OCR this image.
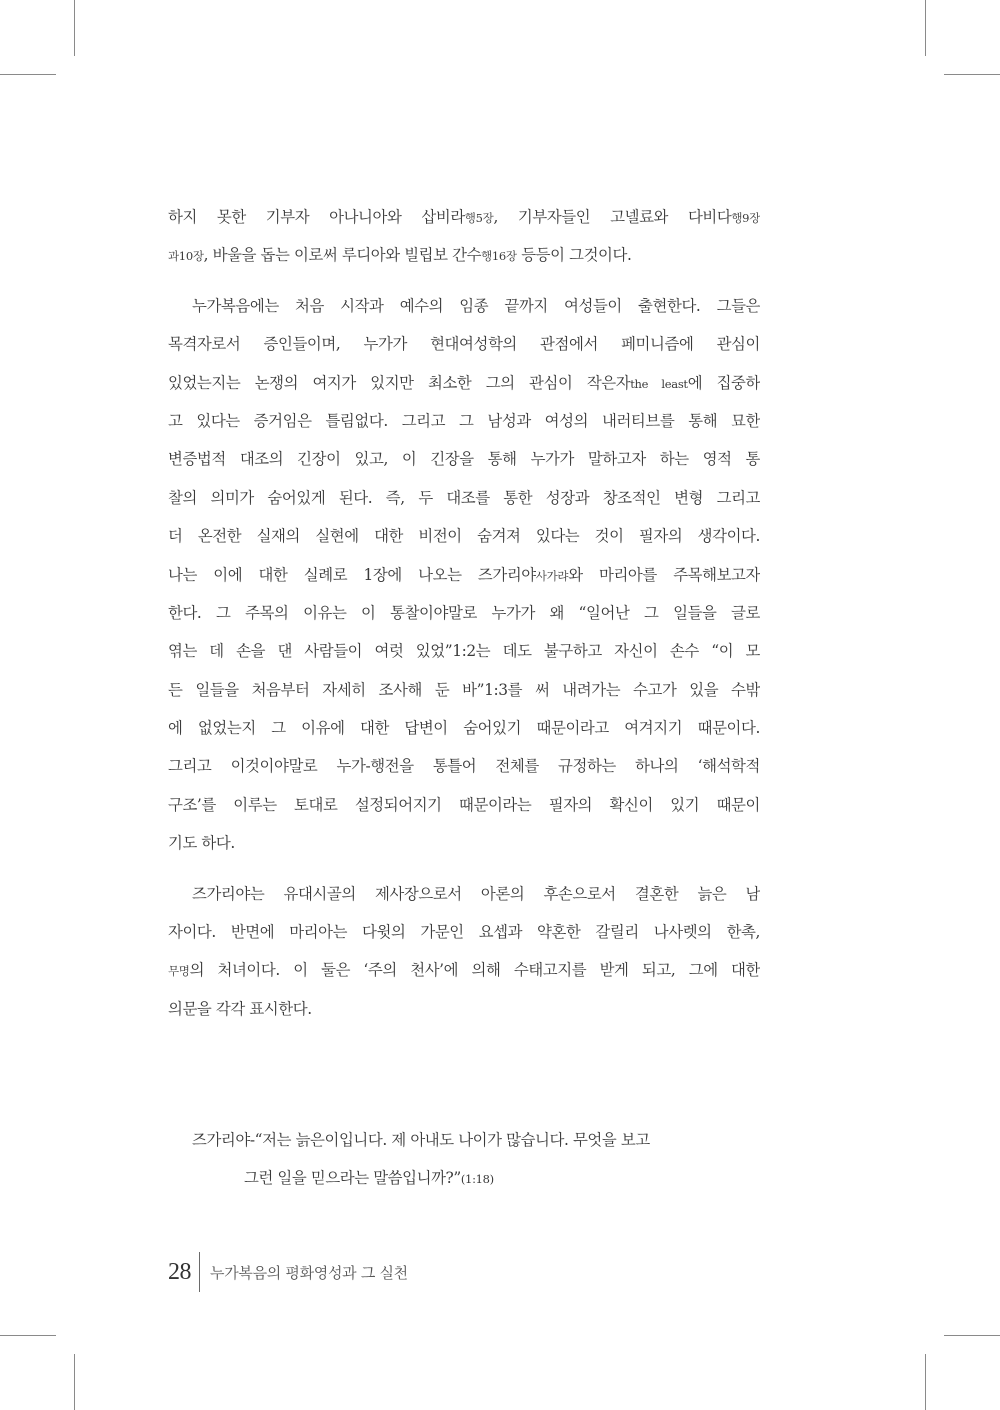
하지 못한 기부자 아나니아와 삽비라행5장, 기부자들인 고넬료와 다비다행9장
과10장, 바울을 돕는 이로써 루디아와 빌립보 간수행16장 등등이 그것이다.
누가복음에는 처음 시작과 예수의 임종 끝까지 여성들이 출현한다. 그들은
목격자로서 증인들이며, 누가가 현대여성학의 관점에서 페미니즘에 관심이
있었는지는 논쟁의 여지가 있지만 최소한 그의 관심이 작은자the least에 집중하
고 있다는 증거임은 틀림없다. 그리고 그 남성과 여성의 내러티브를 통해 묘한
변증법적 대조의 긴장이 있고, 이 긴장을 통해 누가가 말하고자 하는 영적 통
찰의 의미가 숨어있게 된다. 즉, 두 대조를 통한 성장과 창조적인 변형 그리고
더 온전한 실재의 실현에 대한 비전이 숨겨져 있다는 것이 필자의 생각이다.
나는 이에 대한 실례로 1장에 나오는 즈가리야사가랴와 마리아를 주목해보고자
한다. 그 주목의 이유는 이 통찰이야말로 누가가 왜 “일어난 그 일들을 글로
엮는 데 손을 댄 사람들이 여럿 있었”1:2는 데도 불구하고 자신이 손수 “이 모
든 일들을 처음부터 자세히 조사해 둔 바”1:3를 써 내려가는 수고가 있을 수밖
에 없었는지 그 이유에 대한 답변이 숨어있기 때문이라고 여겨지기 때문이다.
그리고 이것이야말로 누가-행전을 통틀어 전체를 규정하는 하나의 ‘해석학적
구조’를 이루는 토대로 설정되어지기 때문이라는 필자의 확신이 있기 때문이
기도 하다.
즈가리야는 유대시골의 제사장으로서 아론의 후손으로서 결혼한 늙은 남
자이다. 반면에 마리아는 다윗의 가문인 요셉과 약혼한 갈릴리 나사렛의 한촉,
무명의 처녀이다. 이 둘은 ‘주의 천사’에 의해 수태고지를 받게 되고, 그에 대한
의문을 각각 표시한다.
즈가리야-“저는 늙은이입니다. 제 아내도 나이가 많습니다. 무엇을 보고
그런 일을 믿으라는 말씀입니까?”(1:18)
28 누가복음의 평화영성과 그 실천
